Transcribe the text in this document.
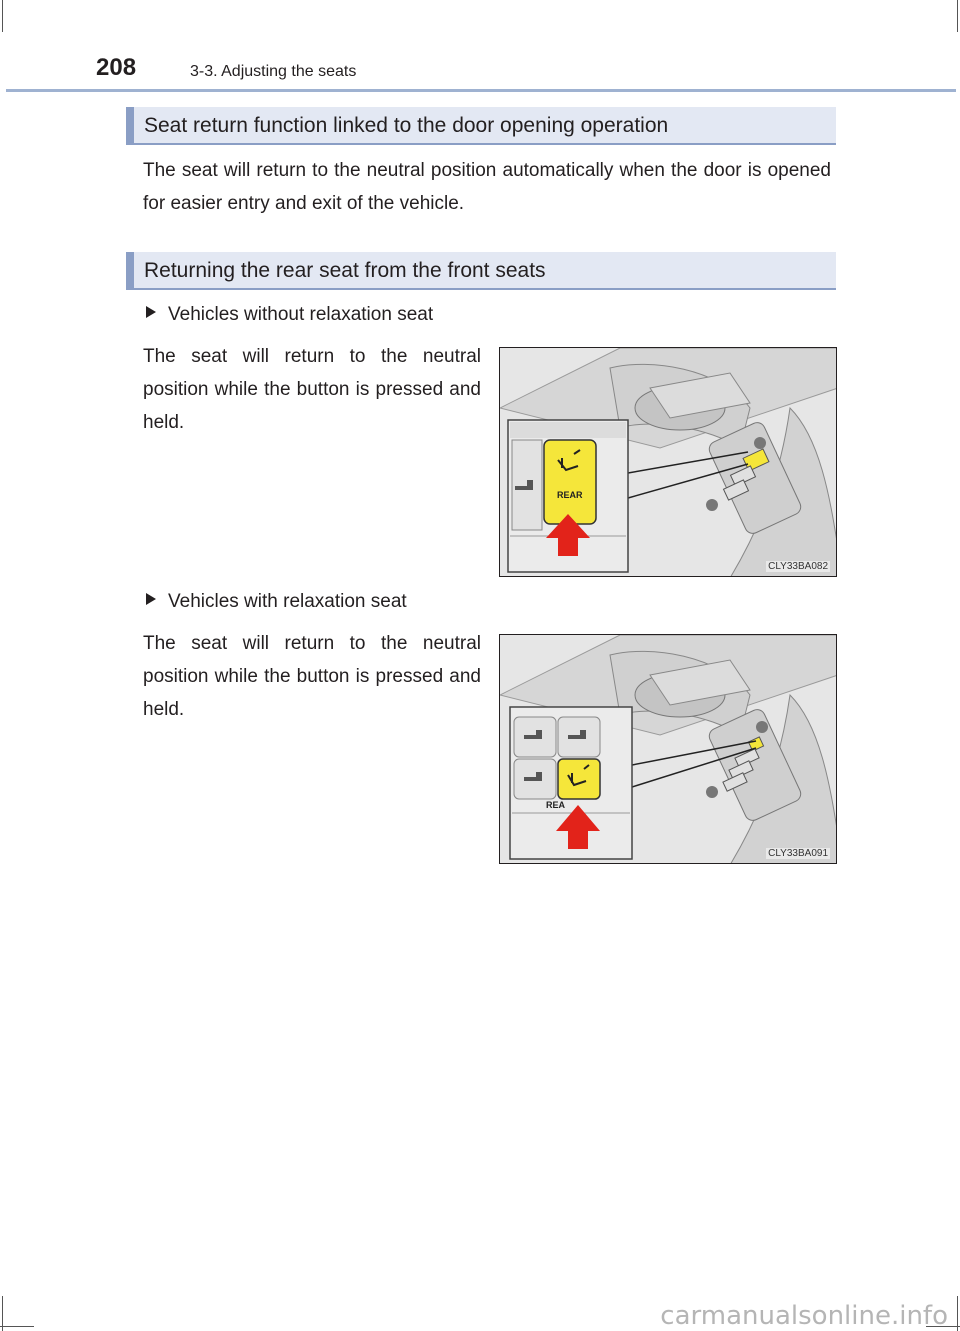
208	3-3. Adjusting the seats
Seat return function linked to the door opening operation

The seat will return to the neutral position automatically when the door is opened for easier entry and exit of the vehicle.

Returning the rear seat from the front seats
Vehicles without relaxation seat

The seat will return to the neutral position while the button is pressed and held.

REAR
CLY33BA082
Vehicles with relaxation seat

The seat will return to the neutral position while the button is pressed and held.

REA
CLY33BA091
carmanualsonline.info
